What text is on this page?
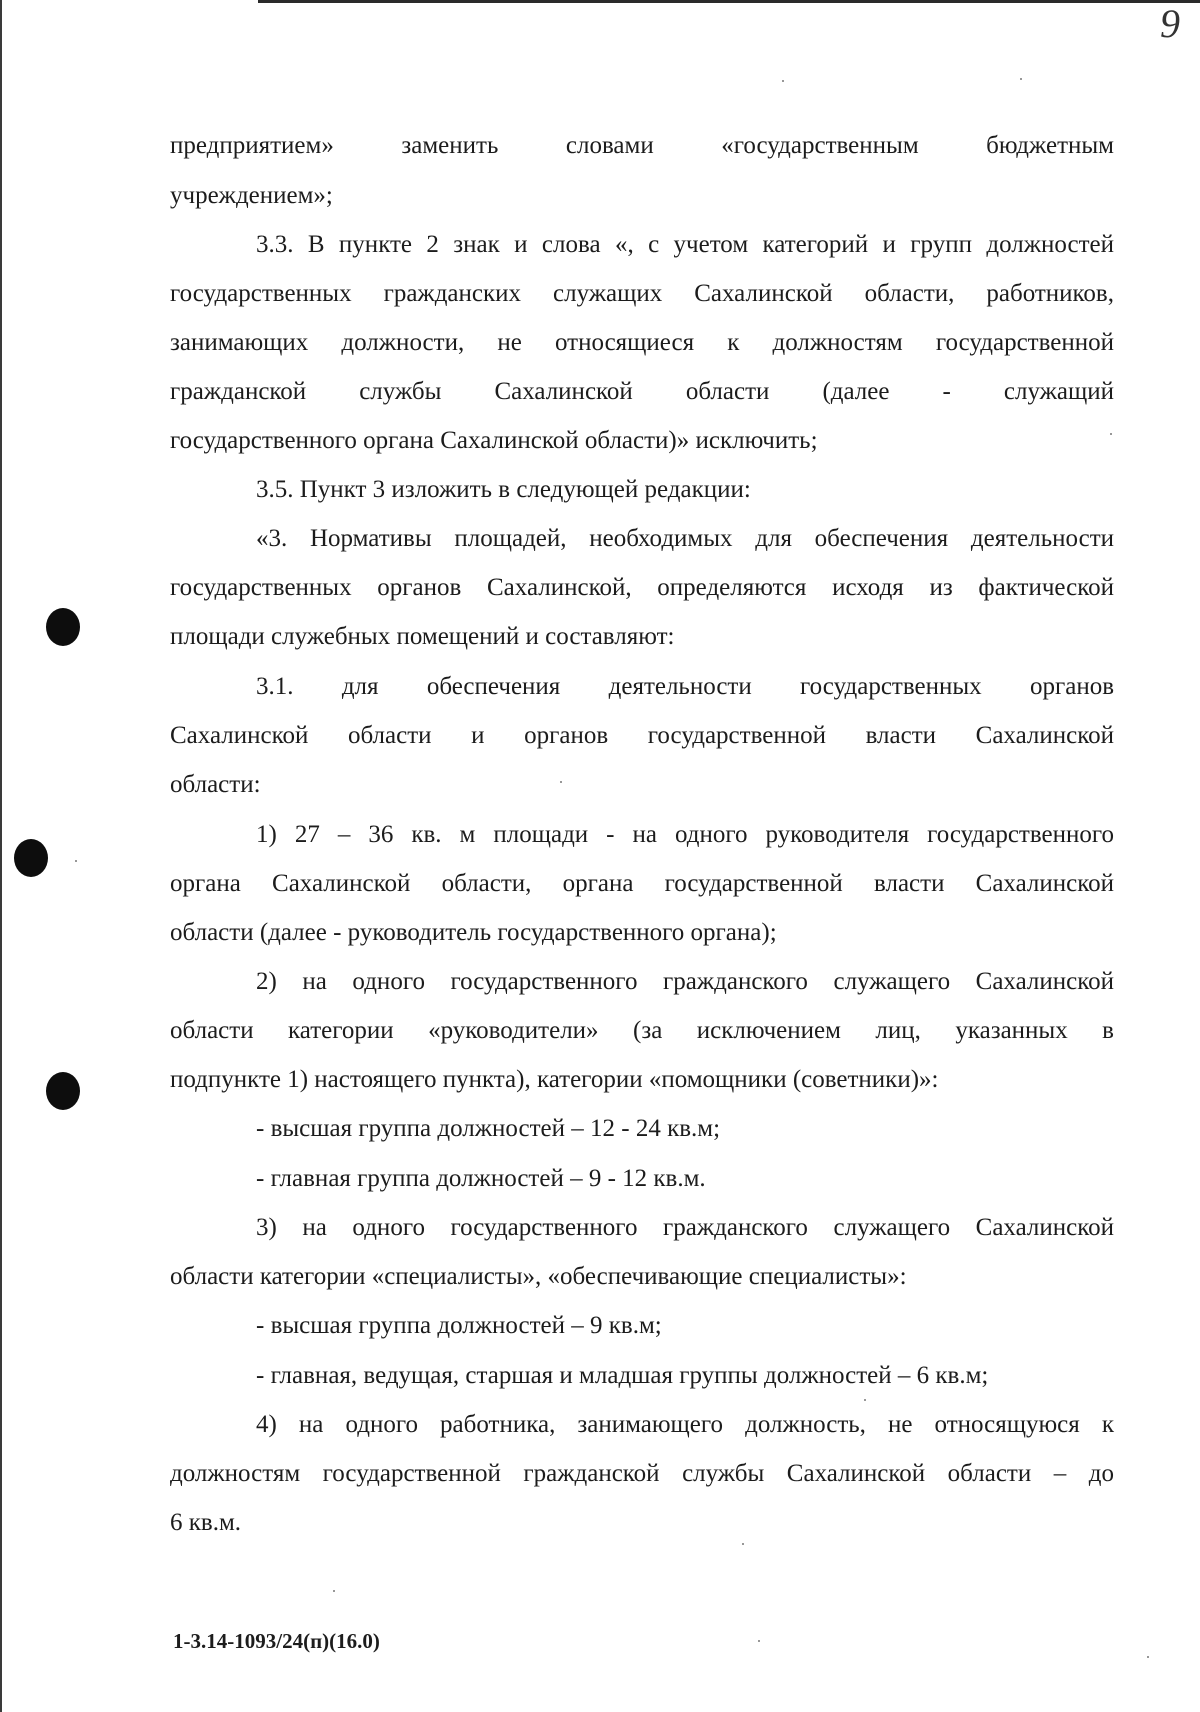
9
предприятием» заменить словами «государственным бюджетным
учреждением»;
3.3. В пункте 2 знак и слова «, с учетом категорий и групп должностей
государственных гражданских служащих Сахалинской области, работников,
занимающих должности, не относящиеся к должностям государственной
гражданской службы Сахалинской области (далее - служащий
государственного органа Сахалинской области)» исключить;
3.5. Пункт 3 изложить в следующей редакции:
«3. Нормативы площадей, необходимых для обеспечения деятельности
государственных органов Сахалинской, определяются исходя из фактической
площади служебных помещений и составляют:
3.1. для обеспечения деятельности государственных органов
Сахалинской области и органов государственной власти Сахалинской
области:
1) 27 – 36 кв. м площади - на одного руководителя государственного
органа Сахалинской области, органа государственной власти Сахалинской
области (далее - руководитель государственного органа);
2) на одного государственного гражданского служащего Сахалинской
области категории «руководители» (за исключением лиц, указанных в
подпункте 1) настоящего пункта), категории «помощники (советники)»:
- высшая группа должностей – 12 - 24 кв.м;
- главная группа должностей – 9 - 12 кв.м.
3) на одного государственного гражданского служащего Сахалинской
области категории «специалисты», «обеспечивающие специалисты»:
- высшая группа должностей – 9 кв.м;
- главная, ведущая, старшая и младшая группы должностей – 6 кв.м;
4) на одного работника, занимающего должность, не относящуюся к
должностям государственной гражданской службы Сахалинской области – до
6 кв.м.
1-3.14-1093/24(п)(16.0)
